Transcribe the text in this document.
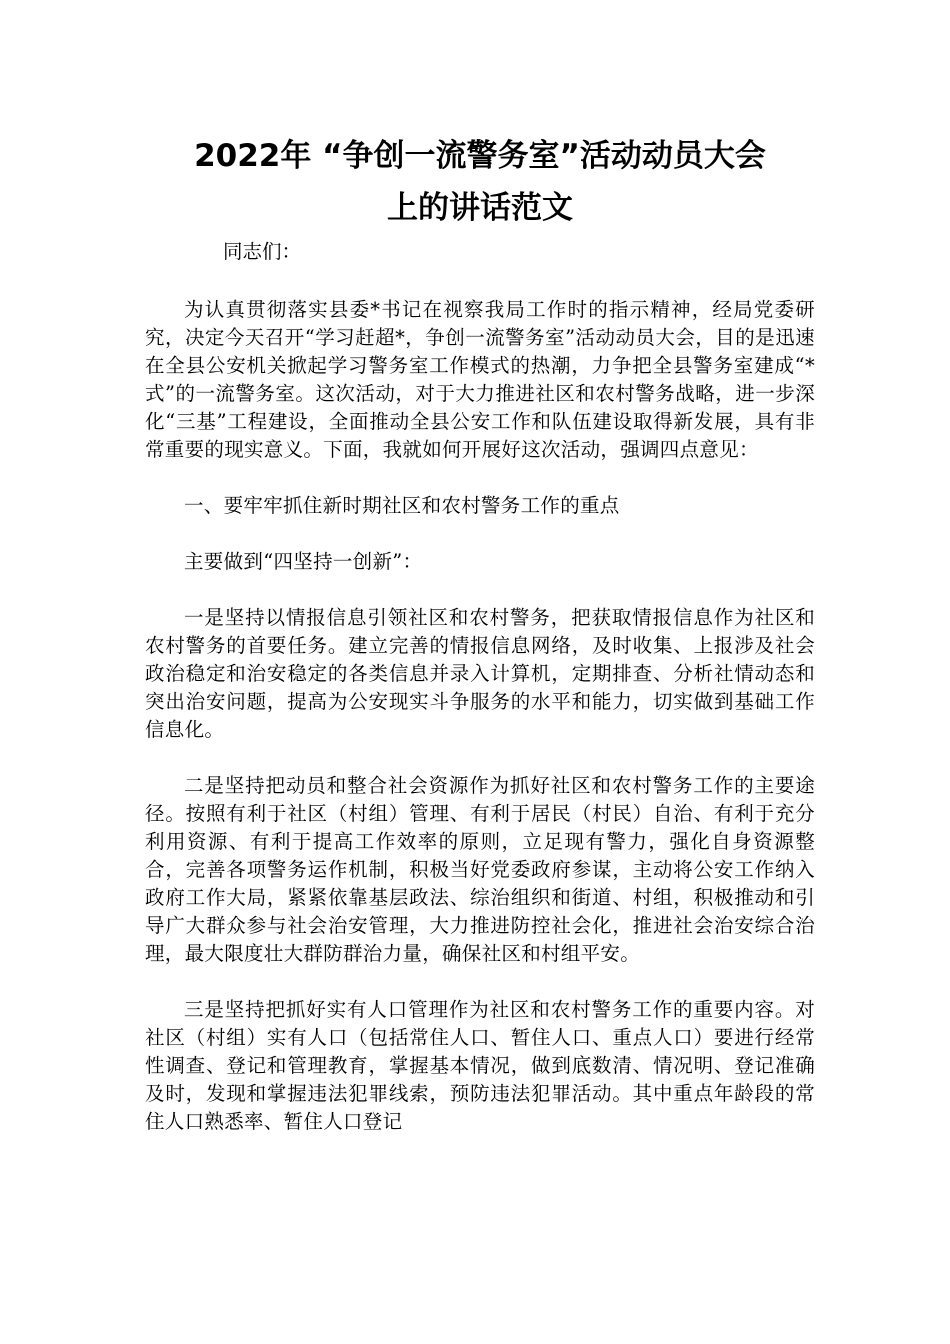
2022年 “争创一流警务室”活动动员大会
上的讲话范文
同志们：

为认真贯彻落实县委*书记在视察我局工作时的指示精神，经局党委研究，决定今天召开“学习赶超*，争创一流警务室”活动动员大会，目的是迅速在全县公安机关掀起学习警务室工作模式的热潮，力争把全县警务室建成“*式”的一流警务室。这次活动，对于大力推进社区和农村警务战略，进一步深化“三基”工程建设，全面推动全县公安工作和队伍建设取得新发展，具有非常重要的现实意义。下面，我就如何开展好这次活动，强调四点意见：

一、要牢牢抓住新时期社区和农村警务工作的重点

主要做到“四坚持一创新”：

一是坚持以情报信息引领社区和农村警务，把获取情报信息作为社区和农村警务的首要任务。建立完善的情报信息网络，及时收集、上报涉及社会政治稳定和治安稳定的各类信息并录入计算机，定期排查、分析社情动态和突出治安问题，提高为公安现实斗争服务的水平和能力，切实做到基础工作信息化。

二是坚持把动员和整合社会资源作为抓好社区和农村警务工作的主要途径。按照有利于社区（村组）管理、有利于居民（村民）自治、有利于充分利用资源、有利于提高工作效率的原则，立足现有警力，强化自身资源整合，完善各项警务运作机制，积极当好党委政府参谋，主动将公安工作纳入政府工作大局，紧紧依靠基层政法、综治组织和街道、村组，积极推动和引导广大群众参与社会治安管理，大力推进防控社会化，推进社会治安综合治理，最大限度壮大群防群治力量，确保社区和村组平安。

三是坚持把抓好实有人口管理作为社区和农村警务工作的重要内容。对社区（村组）实有人口（包括常住人口、暂住人口、重点人口）要进行经常性调查、登记和管理教育，掌握基本情况，做到底数清、情况明、登记准确及时，发现和掌握违法犯罪线索，预防违法犯罪活动。其中重点年龄段的常住人口熟悉率、暂住人口登记
